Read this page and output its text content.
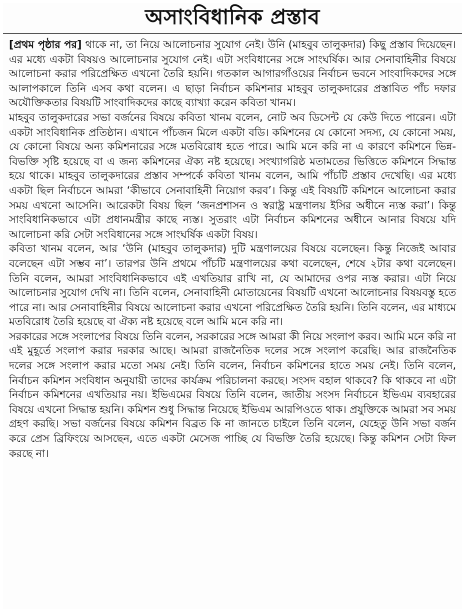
অসাংবিধানিক প্রস্তাব

[প্রথম পৃষ্ঠার পর] থাকে না, তা নিয়ে আলোচনার সুযোগ নেই। উনি (মাহবুব তালুকদার) কিছু প্রস্তাব দিয়েছেন। এর মধ্যে একটা বিষয়ও আলোচনার সুযোগ নেই। এটা সংবিধানের সঙ্গে সাংঘর্ষিক। আর সেনাবাহিনীর বিষয়ে আলোচনা করার পরিপ্রেক্ষিত এখনো তৈরি হয়নি। গতকাল আগারগাঁওয়ের নির্বাচন ভবনে সাংবাদিকদের সঙ্গে আলাপকালে তিনি এসব কথা বলেন। এ ছাড়া নির্বাচন কমিশনার মাহবুব তালুকদারের প্রস্তাবিত পাঁচ দফার অযৌক্তিকতার বিষয়টি সাংবাদিকদের কাছে ব্যাখ্যা করেন কবিতা খানম।

মাহবুব তালুকদারের সভা বর্জনের বিষয়ে কবিতা খানম বলেন, নোট অব ডিসেন্ট যে কেউ দিতে পারেন। এটা একটা সাংবিধানিক প্রতিষ্ঠান। এখানে পাঁচজন মিলে একটা বডি। কমিশনের যে কোনো সদস্য, যে কোনো সময়, যে কোনো বিষয়ে অন্য কমিশনারের সঙ্গে মতবিরোধ হতে পারে। আমি মনে করি না এ কারণে কমিশনে ভিন্ন-বিভক্তি সৃষ্টি হয়েছে বা এ জন্য কমিশনের ঐক্য নষ্ট হয়েছে। সংখ্যাগরিষ্ঠ মতামতের ভিত্তিতে কমিশনে সিদ্ধান্ত হয়ে থাকে। মাহবুব তালুকদারের প্রস্তাব সম্পর্কে কবিতা খানম বলেন, আমি পাঁচটি প্রস্তাব দেখেছি। এর মধ্যে একটা ছিল নির্বাচনে আমরা ‘কীভাবে সেনাবাহিনী নিয়োগ করব’। কিন্তু এই বিষয়টি কমিশনে আলোচনা করার সময় এখনো আসেনি। আরেকটা বিষয় ছিল ‘জনপ্রশাসন ও স্বরাষ্ট্র মন্ত্রণালয় ইসির অধীনে ন্যস্ত করা’। কিন্তু সাংবিধানিকভাবে এটা প্রধানমন্ত্রীর কাছে ন্যস্ত। সুতরাং এটা নির্বাচন কমিশনের অধীনে আনার বিষয়ে যদি আলোচনা করি সেটা সংবিধানের সঙ্গে সাংঘর্ষিক একটা বিষয়।

কবিতা খানম বলেন, আর ‘উনি (মাহবুব তালুকদার) দুটি মন্ত্রণালয়ের বিষয়ে বলেছেন। কিন্তু নিজেই আবার বলেছেন এটা সম্ভব না’। তারপর উনি প্রথমে পাঁচটি মন্ত্রণালয়ের কথা বলেছেন, শেষে ২টার কথা বলেছেন। তিনি বলেন, আমরা সাংবিধানিকভাবে এই এখতিয়ার রাখি না, যে আমাদের ওপর ন্যস্ত করার। এটা নিয়ে আলোচনার সুযোগ দেখি না। তিনি বলেন, সেনাবাহিনী মোতায়েনের বিষয়টি এখনো আলোচনার বিষয়বস্তু হতে পারে না। আর সেনাবাহিনীর বিষয়ে আলোচনা করার এখনো পরিপ্রেক্ষিত তৈরি হয়নি। তিনি বলেন, এর মাধ্যমে মতবিরোধ তৈরি হয়েছে বা ঐক্য নষ্ট হয়েছে বলে আমি মনে করি না।

সরকারের সঙ্গে সংলাপের বিষয়ে তিনি বলেন, সরকারের সঙ্গে আমরা কী নিয়ে সংলাপ করব। আমি মনে করি না এই মুহূর্তে সংলাপ করার দরকার আছে। আমরা রাজনৈতিক দলের সঙ্গে সংলাপ করেছি। আর রাজনৈতিক দলের সঙ্গে সংলাপ করার মতো সময় নেই। তিনি বলেন, নির্বাচন কমিশনের হাতে সময় নেই। তিনি বলেন, নির্বাচন কমিশন সংবিধান অনুযায়ী তাদের কার্যক্রম পরিচালনা করছে। সংসদ বহাল থাকবে? কি থাকবে না এটা নির্বাচন কমিশনের এখতিয়ার নয়। ইভিএমের বিষয়ে তিনি বলেন, জাতীয় সংসদ নির্বাচনে ইভিএম ব্যবহারের বিষয়ে এখনো সিদ্ধান্ত হয়নি। কমিশন শুধু সিদ্ধান্ত নিয়েছে ইভিএম আরপিওতে থাক। প্রযুক্তিকে আমরা সব সময় গ্রহণ করছি। সভা বর্জনের বিষয়ে কমিশন বিব্রত কি না জানতে চাইলে তিনি বলেন, যেহেতু উনি সভা বর্জন করে প্রেস ব্রিফিংয়ে আসছেন, এতে একটা মেসেজ পাচ্ছি যে বিভক্তি তৈরি হয়েছে। কিন্তু কমিশন সেটা ফিল করছে না।
